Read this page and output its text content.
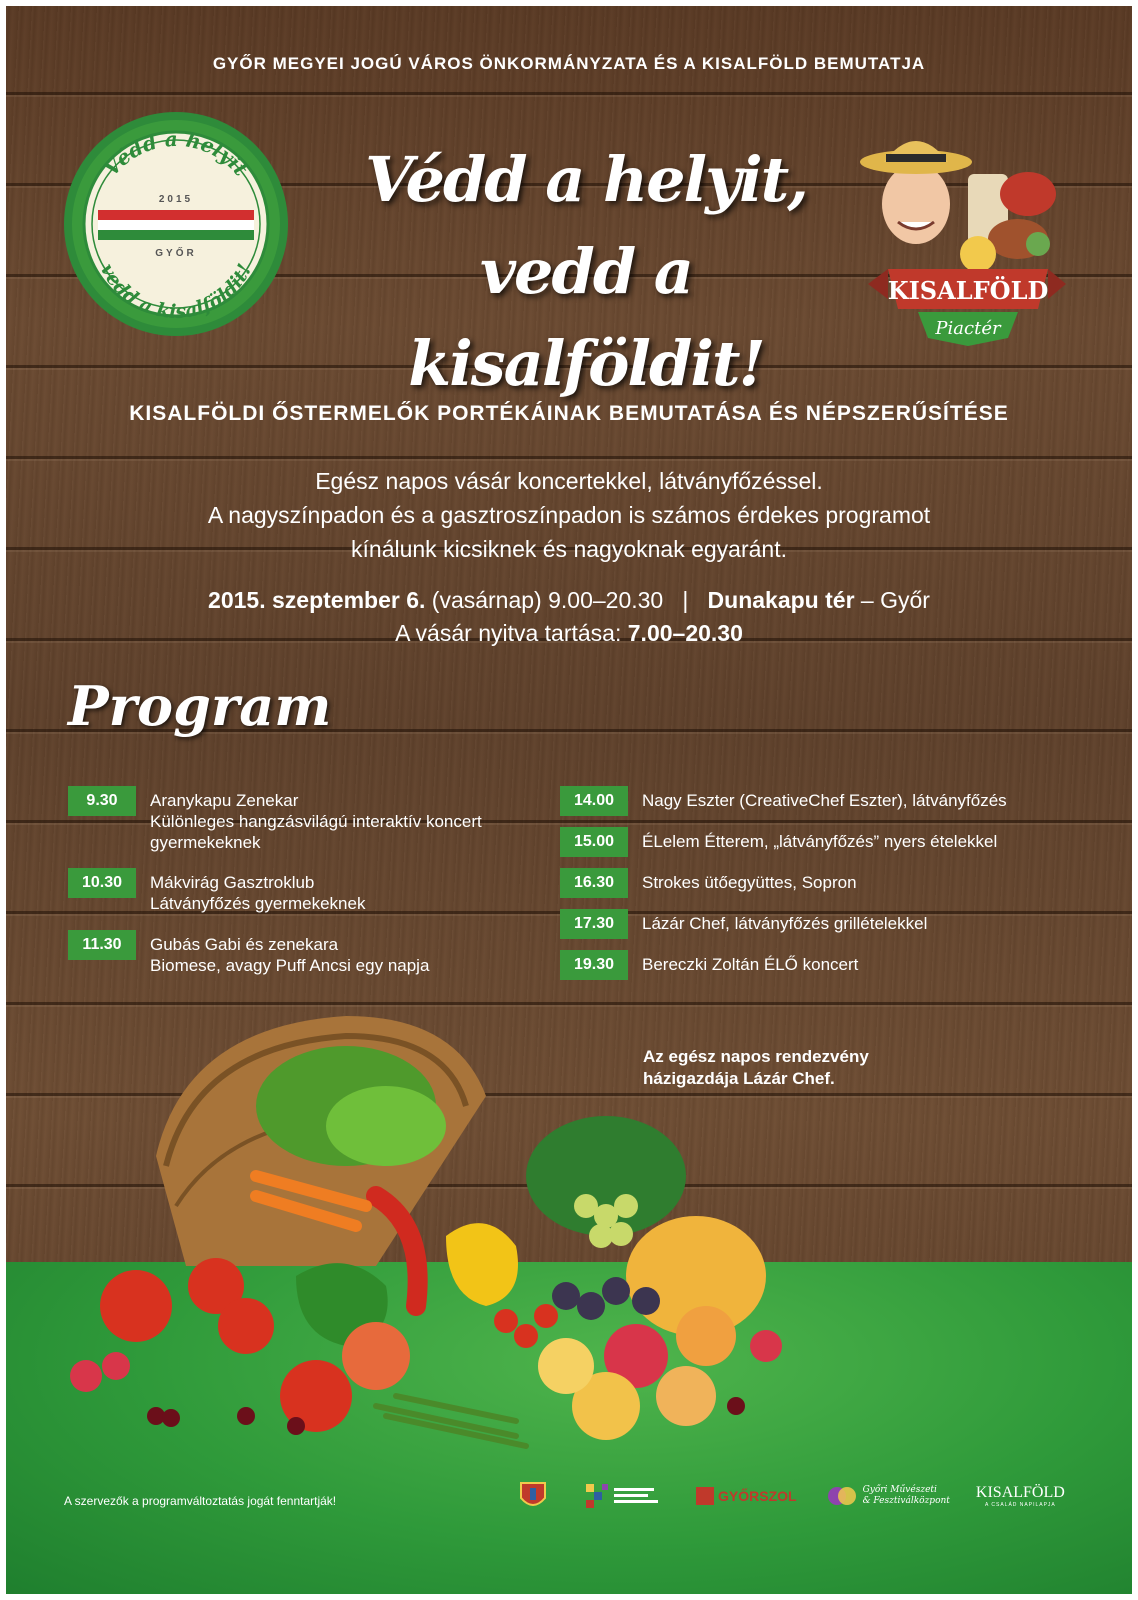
GYŐR MEGYEI JOGÚ VÁROS ÖNKORMÁNYZATA ÉS A KISALFÖLD BEMUTATJA
Védd a helyit
2015
GYŐR
vedd a kisalföldit!
Védd a helyit,
vedd a kisalföldit!
KISALFÖLD
Piactér
KISALFÖLDI ŐSTERMELŐK PORTÉKÁINAK BEMUTATÁSA ÉS NÉPSZERŰSÍTÉSE
Egész napos vásár koncertekkel, látványfőzéssel.
A nagyszínpadon és a gasztroszínpadon is számos érdekes programot
kínálunk kicsiknek és nagyoknak egyaránt.
2015. szeptember 6. (vasárnap) 9.00–20.30   |   Dunakapu tér – Győr
A vásár nyitva tartása: 7.00–20.30
Program
9.30	Aranykapu Zenekar
Különleges hangzásvilágú interaktív koncert
gyermekeknek
10.30	Mákvirág Gasztroklub
Látványfőzés gyermekeknek
11.30	Gubás Gabi és zenekara
Biomese, avagy Puff Ancsi egy napja
14.00	Nagy Eszter (CreativeChef Eszter), látványfőzés
15.00	ÉLelem Étterem, „látványfőzés” nyers ételekkel
16.30	Strokes ütőegyüttes, Sopron
17.30	Lázár Chef, látványfőzés grillételekkel
19.30	Bereczki Zoltán ÉLŐ koncert
Az egész napos rendezvény
házigazdája Lázár Chef.
A szervezők a programváltoztatás jogát fenntartják!	GYŐRSZOL	Győri Művészeti
& Fesztiválközpont KISALFÖLD
A CSALÁD NAPILAPJA
